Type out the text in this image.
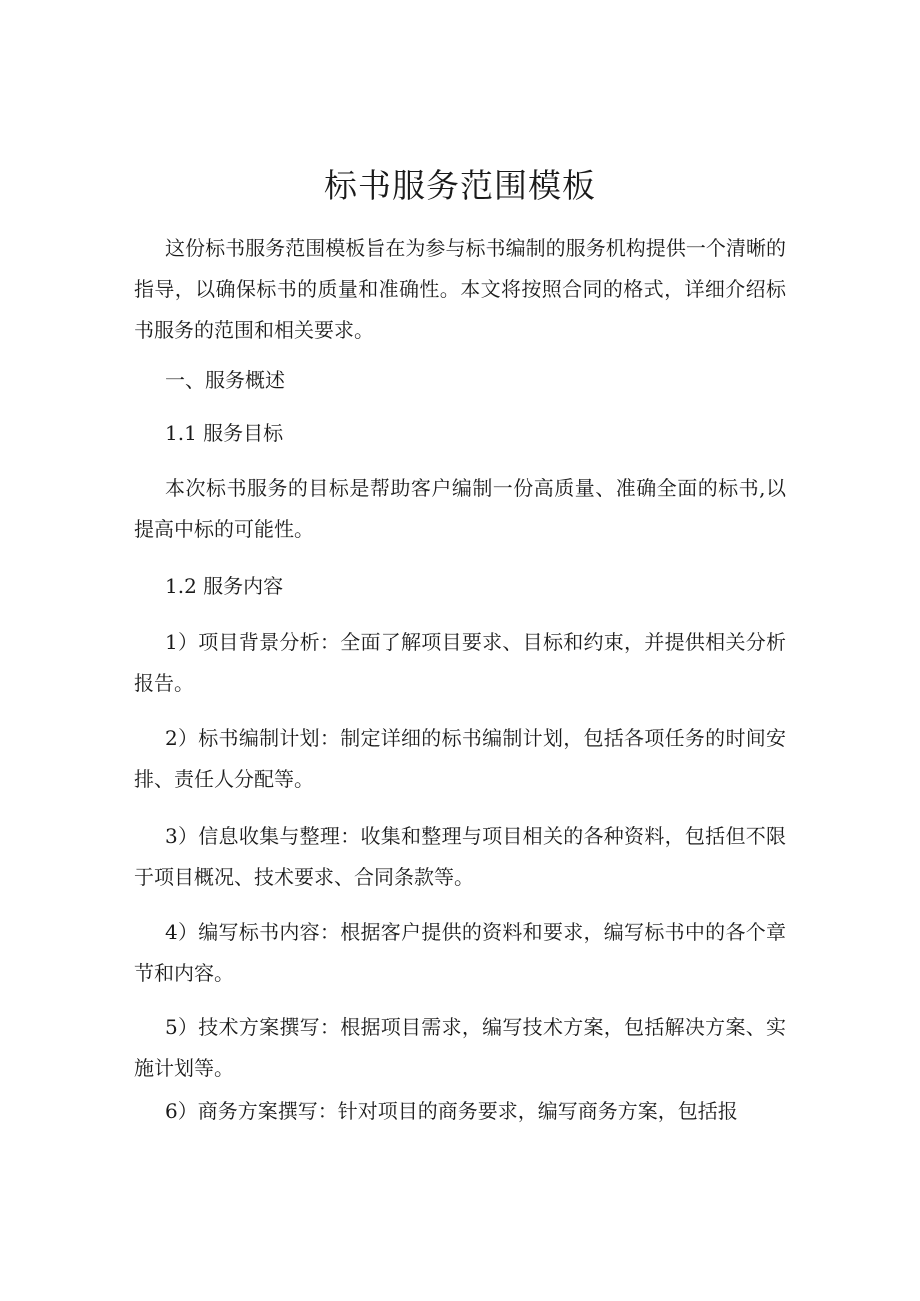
标书服务范围模板

这份标书服务范围模板旨在为参与标书编制的服务机构提供一个清晰的指导，以确保标书的质量和准确性。本文将按照合同的格式，详细介绍标书服务的范围和相关要求。

一、服务概述

1.1 服务目标

本次标书服务的目标是帮助客户编制一份高质量、准确全面的标书,以提高中标的可能性。

1.2 服务内容

1）项目背景分析：全面了解项目要求、目标和约束，并提供相关分析报告。

2）标书编制计划：制定详细的标书编制计划，包括各项任务的时间安排、责任人分配等。

3）信息收集与整理：收集和整理与项目相关的各种资料，包括但不限于项目概况、技术要求、合同条款等。

4）编写标书内容：根据客户提供的资料和要求，编写标书中的各个章节和内容。

5）技术方案撰写：根据项目需求，编写技术方案，包括解决方案、实施计划等。

6）商务方案撰写：针对项目的商务要求，编写商务方案，包括报
